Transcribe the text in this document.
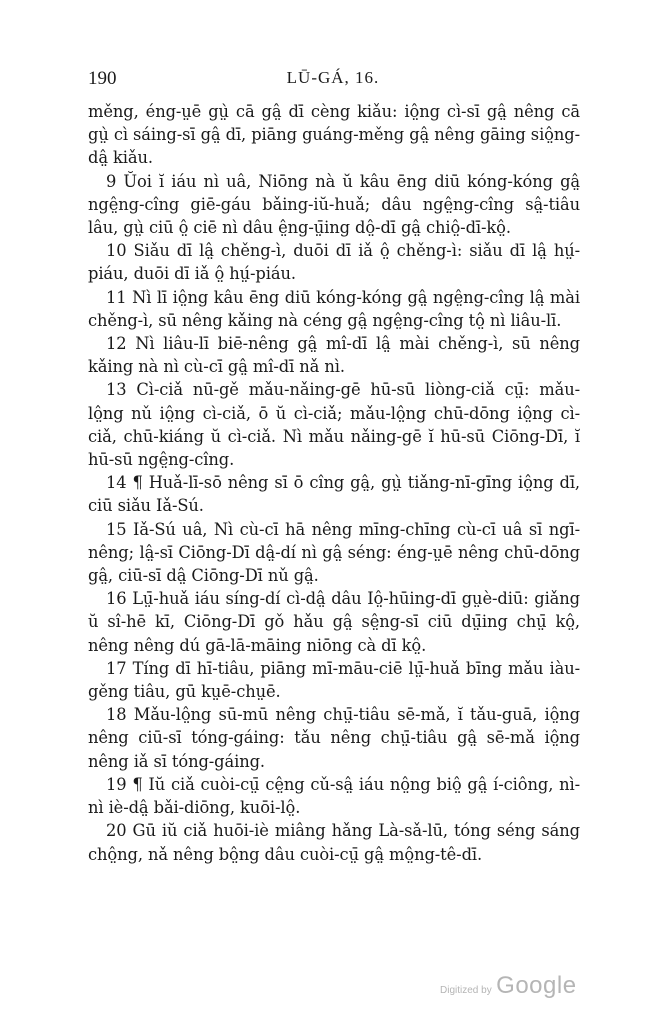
190	LŪ-GÁ, 16.

měng, éng-ṳē gṳ̀ cā gâ̤ dī cèng kiǎu: iô̤ng cì-sī gâ̤ nêng cā gṳ̀ cì sáing-sī gâ̤ dī, piāng guáng-měng gâ̤ nêng gāing siô̤ng-dâ̤ kiǎu.

9 Ŭoi ĭ iáu nì uâ, Niōng nà ŭ kâu ēng diū kóng-kóng gâ̤ ngê̤ng-cîng giē-gáu bǎing-iŭ-huǎ; dâu ngê̤ng-cîng sâ̤-tiâu lâu, gṳ̀ ciū ô̤ ciē nì dâu ê̤ng-ṳ̄ing dô̤-dī gâ̤ chiô̤-dī-kô̤.

10 Siǎu dī lâ̤ chěng-ì, duōi dī iǎ ô̤ chěng-ì: siǎu dī lâ̤ hṳ́-piáu, duōi dī iǎ ô̤ hṳ́-piáu.

11 Nì lī iô̤ng kâu ēng diū kóng-kóng gâ̤ ngê̤ng-cîng lâ̤ mài chěng-ì, sū nêng kǎing nà céng gâ̤ ngê̤ng-cîng tô̤ nì liâu-lī.

12 Nì liâu-lī biē-nêng gâ̤ mî-dī lâ̤ mài chěng-ì, sū nêng kǎing nà nì cù-cī gâ̤ mî-dī nǎ nì.

13 Cì-ciǎ nū-gě mǎu-nǎing-gē hū-sū liòng-ciǎ cṳ̄: mǎu-lô̤ng nǔ iô̤ng cì-ciǎ, ō ŭ cì-ciǎ; mǎu-lô̤ng chū-dōng iô̤ng cì-ciǎ, chū-kiáng ŭ cì-ciǎ. Nì mǎu nǎing-gē ĭ hū-sū Ciōng-Dī, ĭ hū-sū ngê̤ng-cîng.

14 ¶ Huǎ-lī-sō nêng sī ō cîng gâ̤, gṳ̀ tiǎng-nī-gīng iô̤ng dī, ciū siǎu Iǎ-Sú.

15 Iǎ-Sú uâ, Nì cù-cī hā nêng mīng-chīng cù-cī uâ sī ngī-nêng; lâ̤-sī Ciōng-Dī dâ̤-dí nì gâ̤ séng: éng-ṳē nêng chū-dōng gâ̤, ciū-sī dâ̤ Ciōng-Dī nǔ gâ̤.

16 Lṳ̄-huǎ iáu síng-dí cì-dâ̤ dâu Iô̤-hūing-dī gṳè-diū: giǎng ŭ sî-hē kī, Ciōng-Dī gǒ hǎu gâ̤ sê̤ng-sī ciū dṳ̄ing chṳ̄ kô̤, nêng nêng dú gā-lā-māing niōng cà dī kô̤.

17 Tíng dī hī-tiâu, piāng mī-māu-ciē lṳ̄-huǎ bīng mǎu iàu-gěng tiâu, gū kṳē-chṳē.

18 Mǎu-lô̤ng sū-mū nêng chṳ̄-tiâu sē-mǎ, ĭ tǎu-guā, iô̤ng nêng ciū-sī tóng-gáing: tǎu nêng chṳ̄-tiâu gâ̤ sē-mǎ iô̤ng nêng iǎ sī tóng-gáing.

19 ¶ Iŭ ciǎ cuòi-cṳ̄ cê̤ng cǔ-sâ̤ iáu nô̤ng biô̤ gâ̤ í-ciông, nì-nì iè-dâ̤ bǎi-diōng, kuōi-lô̤.

20 Gū iŭ ciǎ huōi-iè miâng hǎng Là-sǎ-lū, tóng séng sáng chô̤ng, nǎ nêng bô̤ng dâu cuòi-cṳ̄ gâ̤ mô̤ng-tê-dī.

Digitized by Google
